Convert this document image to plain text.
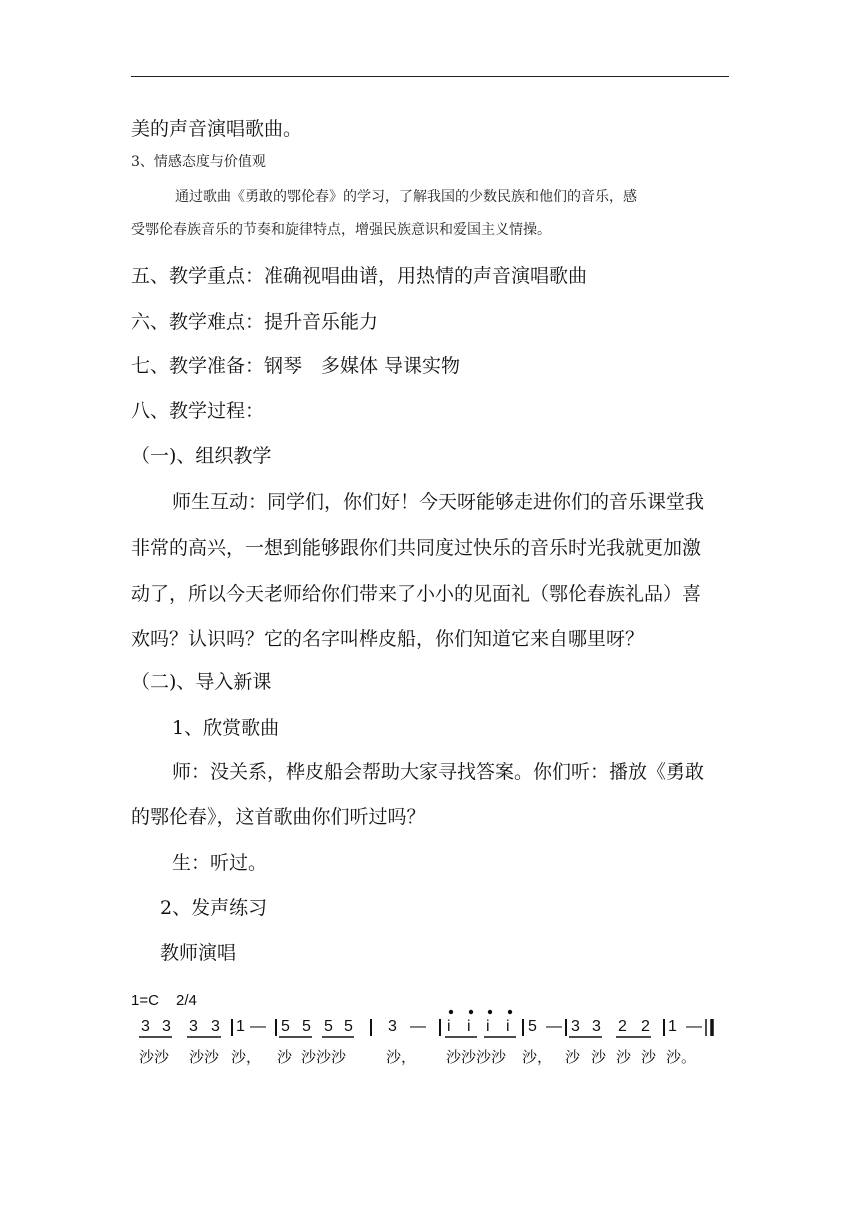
美的声音演唱歌曲。
3、情感态度与价值观
通过歌曲《勇敢的鄂伦春》的学习，了解我国的少数民族和他们的音乐，感
受鄂伦春族音乐的节奏和旋律特点，增强民族意识和爱国主义情操。
五、教学重点：准确视唱曲谱，用热情的声音演唱歌曲
六、教学难点：提升音乐能力
七、教学准备：钢琴　多媒体 导课实物
八、教学过程：
（一)、组织教学
师生互动：同学们，你们好！今天呀能够走进你们的音乐课堂我
非常的高兴，一想到能够跟你们共同度过快乐的音乐时光我就更加激
动了，所以今天老师给你们带来了小小的见面礼（鄂伦春族礼品）喜
欢吗？认识吗？它的名字叫桦皮船，你们知道它来自哪里呀？
（二)、导入新课
1、欣赏歌曲
师：没关系，桦皮船会帮助大家寻找答案。你们听：播放《勇敢
的鄂伦春》，这首歌曲你们听过吗？
生：听过。
2、发声练习
教师演唱
1=C 2/4
3 3 3 3 1 — 5 5 5 5 3 — i i i i 5 — 3 3 2 2 1 —
沙沙 沙沙 沙， 沙 沙沙沙	沙， 沙沙沙沙 沙， 沙 沙 沙 沙 沙。
